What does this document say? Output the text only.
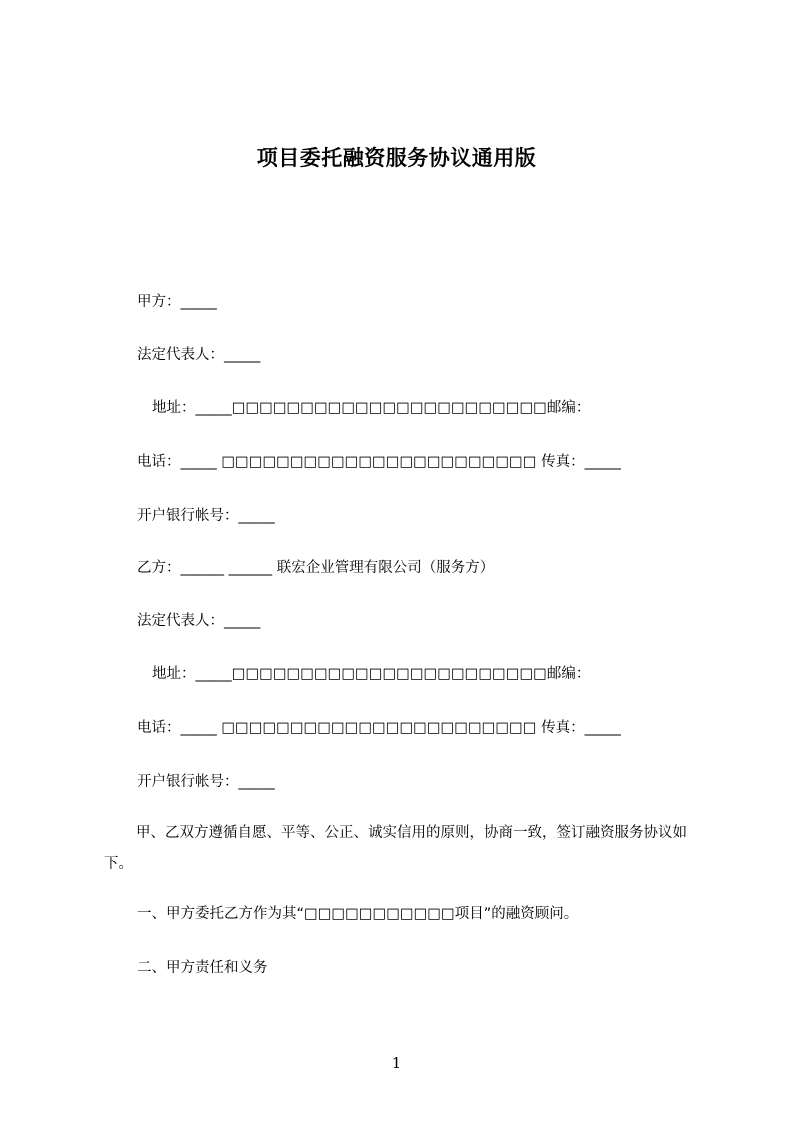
项目委托融资服务协议通用版
甲方：_____
法定代表人：_____
地址：_____□□□□□□□□□□□□□□□□□□□□□□□邮编：
电话：_____ □□□□□□□□□□□□□□□□□□□□□□□ 传真：_____
开户银行帐号：_____
乙方：______ ______ 联宏企业管理有限公司（服务方）
法定代表人：_____
地址：_____□□□□□□□□□□□□□□□□□□□□□□□邮编：
电话：_____ □□□□□□□□□□□□□□□□□□□□□□□ 传真：_____
开户银行帐号：_____
甲、乙双方遵循自愿、平等、公正、诚实信用的原则，协商一致，签订融资服务协议如下。
一、甲方委托乙方作为其“□□□□□□□□□□□项目”的融资顾问。
二、甲方责任和义务
1
